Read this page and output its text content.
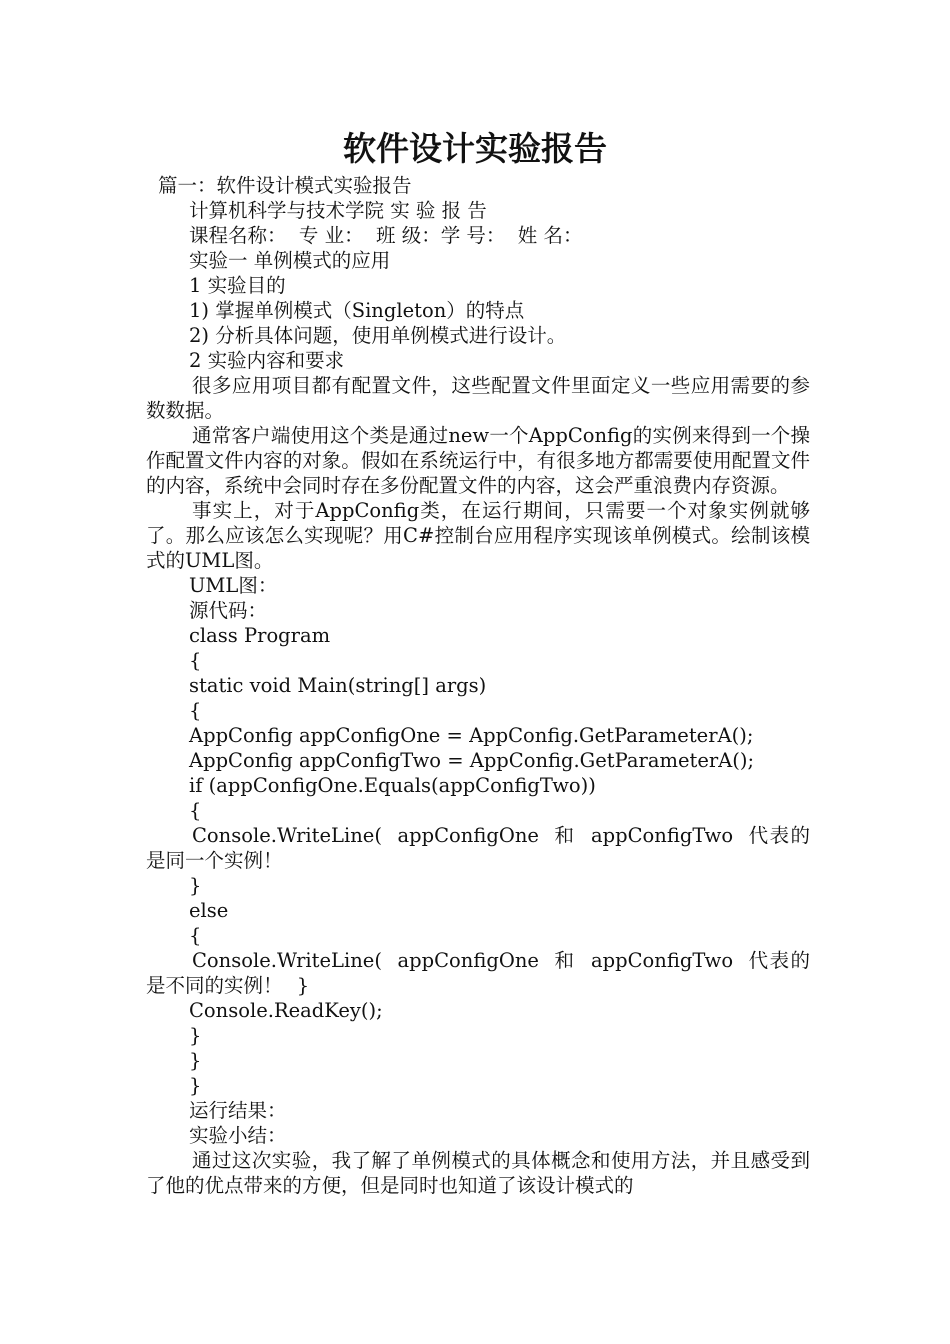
软件设计实验报告
篇一：软件设计模式实验报告
计算机科学与技术学院 实 验 报 告
课程名称：  专 业：  班 级：学 号：  姓 名：
实验一 单例模式的应用
1 实验目的
1) 掌握单例模式（Singleton）的特点
2) 分析具体问题，使用单例模式进行设计。
2 实验内容和要求

很多应用项目都有配置文件，这些配置文件里面定义一些应用需要的参数数据。

通常客户端使用这个类是通过new一个AppConfig的实例来得到一个操作配置文件内容的对象。假如在系统运行中，有很多地方都需要使用配置文件的内容，系统中会同时存在多份配置文件的内容，这会严重浪费内存资源。

事实上，对于AppConfig类，在运行期间，只需要一个对象实例就够了。那么应该怎么实现呢？用C#控制台应用程序实现该单例模式。绘制该模式的UML图。

UML图：
源代码：
class Program
{
static void Main(string[] args)
{
AppConfig appConfigOne = AppConfig.GetParameterA();
AppConfig appConfigTwo = AppConfig.GetParameterA();
if (appConfigOne.Equals(appConfigTwo))
{

Console.WriteLine( appConfigOne 和 appConfigTwo 代表的是同一个实例！

}
else
{

Console.WriteLine( appConfigOne 和 appConfigTwo 代表的是不同的实例！ }

Console.ReadKey();
}
}
}
运行结果：
实验小结：

通过这次实验，我了解了单例模式的具体概念和使用方法，并且感受到了他的优点带来的方便，但是同时也知道了该设计模式的
